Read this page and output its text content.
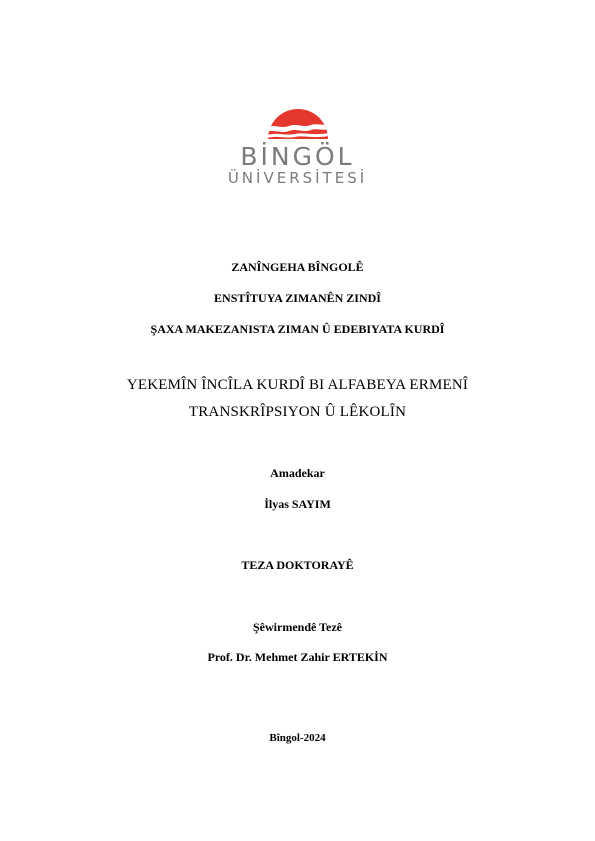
BİNGÖL
ÜNİVERSİTESİ
ZANÎNGEHA BÎNGOLÊ
ENSTÎTUYA ZIMANÊN ZINDÎ
ŞAXA MAKEZANISTA ZIMAN Û EDEBIYATA KURDÎ
YEKEMÎN ÎNCÎLA KURDÎ BI ALFABEYA ERMENÎ
TRANSKRÎPSIYON Û LÊKOLÎN
Amadekar
İlyas SAYIM
TEZA DOKTORAYÊ
Şêwirmendê Tezê
Prof. Dr. Mehmet Zahir ERTEKİN
Bîngol-2024
